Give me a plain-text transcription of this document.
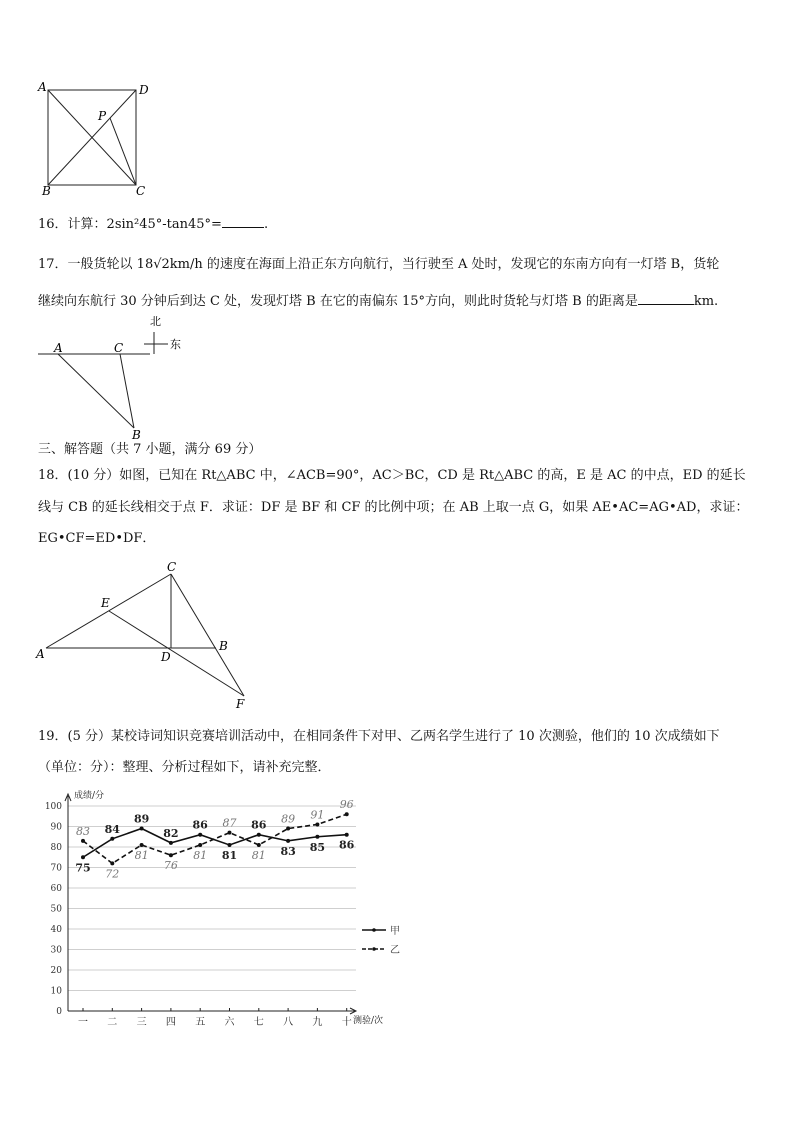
A	D
P
B	C
16．计算：2sin²45°-tan45°=	.
17．一般货轮以 18√2km/h 的速度在海面上沿正东方向航行，当行驶至 A 处时，发现它的东南方向有一灯塔 B，货轮
继续向东航行 30 分钟后到达 C 处，发现灯塔 B 在它的南偏东 15°方向，则此时货轮与灯塔 B 的距离是	km.
北
东
A	C
B
三、解答题（共 7 小题，满分 69 分）
18．(10 分）如图，已知在 Rt△ABC 中，∠ACB=90°，AC＞BC，CD 是 Rt△ABC 的高，E 是 AC 的中点，ED 的延长
线与 CB 的延长线相交于点 F．求证：DF 是 BF 和 CF 的比例中项；在 AB 上取一点 G，如果 AE•AC=AG•AD，求证：
EG•CF=ED•DF．
C
E
A	D
B
F
19．(5 分）某校诗词知识竞赛培训活动中，在相同条件下对甲、乙两名学生进行了 10 次测验，他们的 10 次成绩如下
（单位：分）：整理、分析过程如下，请补充完整．
0
10
20
30
40
50
60
70
80
90
100
成绩/分
测验/次
一 二 三 四 五 六 七 八 九 十
75
84
89
82
86
81
86
83 85 86
83
72
81
76
81
87
81
89 91
96
甲
乙
